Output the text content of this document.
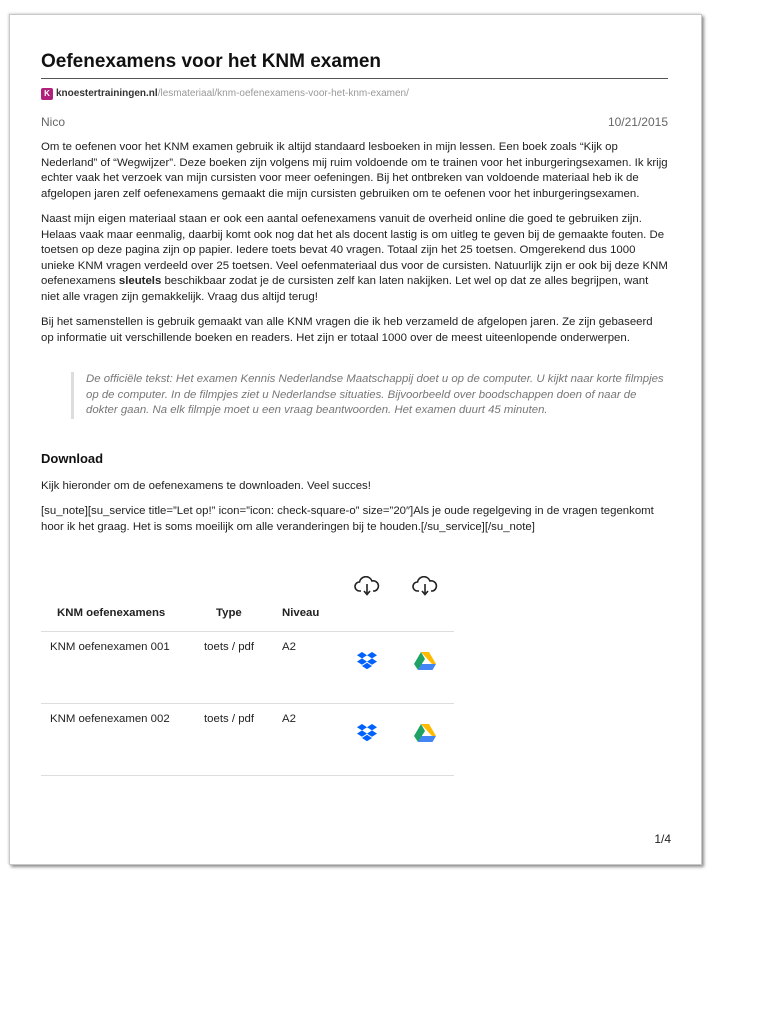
Oefenexamens voor het KNM examen
K knoestertrainingen.nl/lesmateriaal/knm-oefenexamens-voor-het-knm-examen/
Nico	10/21/2015

Om te oefenen voor het KNM examen gebruik ik altijd standaard lesboeken in mijn lessen. Een boek zoals “Kijk op Nederland” of “Wegwijzer”. Deze boeken zijn volgens mij ruim voldoende om te trainen voor het inburgeringsexamen. Ik krijg echter vaak het verzoek van mijn cursisten voor meer oefeningen. Bij het ontbreken van voldoende materiaal heb ik de afgelopen jaren zelf oefenexamens gemaakt die mijn cursisten gebruiken om te oefenen voor het inburgeringsexamen.

Naast mijn eigen materiaal staan er ook een aantal oefenexamens vanuit de overheid online die goed te gebruiken zijn. Helaas vaak maar eenmalig, daarbij komt ook nog dat het als docent lastig is om uitleg te geven bij de gemaakte fouten. De toetsen op deze pagina zijn op papier. Iedere toets bevat 40 vragen. Totaal zijn het 25 toetsen. Omgerekend dus 1000 unieke KNM vragen verdeeld over 25 toetsen. Veel oefenmateriaal dus voor de cursisten. Natuurlijk zijn er ook bij deze KNM oefenexamens sleutels beschikbaar zodat je de cursisten zelf kan laten nakijken. Let wel op dat ze alles begrijpen, want niet alle vragen zijn gemakkelijk. Vraag dus altijd terug!

Bij het samenstellen is gebruik gemaakt van alle KNM vragen die ik heb verzameld de afgelopen jaren. Ze zijn gebaseerd op informatie uit verschillende boeken en readers. Het zijn er totaal 1000 over de meest uiteenlopende onderwerpen.

De officiële tekst: Het examen Kennis Nederlandse Maatschappij doet u op de computer. U kijkt naar korte filmpjes op de computer. In de filmpjes ziet u Nederlandse situaties. Bijvoorbeeld over boodschappen doen of naar de dokter gaan. Na elk filmpje moet u een vraag beantwoorden. Het examen duurt 45 minuten.
Download

Kijk hieronder om de oefenexamens te downloaden. Veel succes!

[su_note][su_service title=”Let op!” icon=”icon: check-square-o” size=”20″]Als je oude regelgeving in de vragen tegenkomt hoor ik het graag. Het is soms moeilijk om alle veranderingen bij te houden.[/su_service][/su_note]

KNM oefenexamens	Type	Niveau		
KNM oefenexamen 001	toets / pdf	A2		
KNM oefenexamen 002	toets / pdf	A2		
1/4
